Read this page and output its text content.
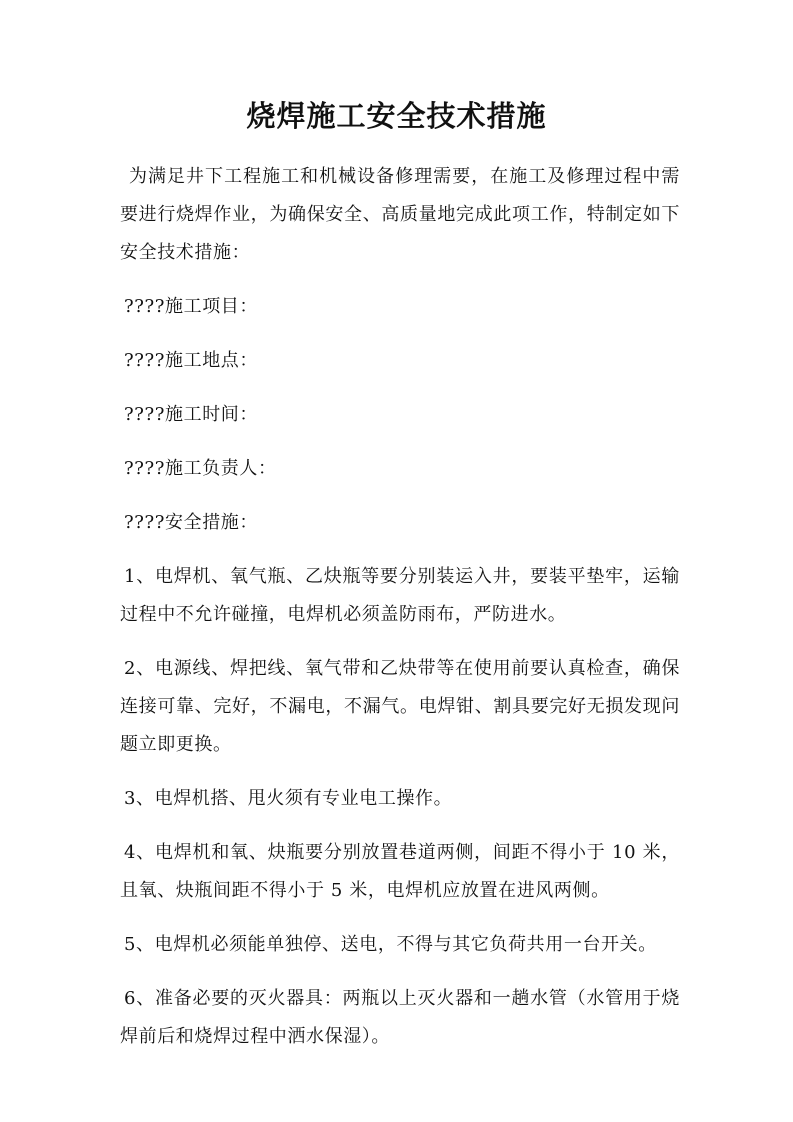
烧焊施工安全技术措施

为满足井下工程施工和机械设备修理需要，在施工及修理过程中需要进行烧焊作业，为确保安全、高质量地完成此项工作，特制定如下安全技术措施：

????施工项目：

????施工地点：

????施工时间：

????施工负责人：

????安全措施：

1、电焊机、氧气瓶、乙炔瓶等要分别装运入井，要装平垫牢，运输过程中不允许碰撞，电焊机必须盖防雨布，严防进水。

2、电源线、焊把线、氧气带和乙炔带等在使用前要认真检查，确保连接可靠、完好，不漏电，不漏气。电焊钳、割具要完好无损发现问题立即更换。

3、电焊机搭、甩火须有专业电工操作。

4、电焊机和氧、炔瓶要分别放置巷道两侧，间距不得小于 10 米，且氧、炔瓶间距不得小于 5 米，电焊机应放置在进风两侧。

5、电焊机必须能单独停、送电，不得与其它负荷共用一台开关。

6、准备必要的灭火器具：两瓶以上灭火器和一趟水管（水管用于烧焊前后和烧焊过程中洒水保湿）。
